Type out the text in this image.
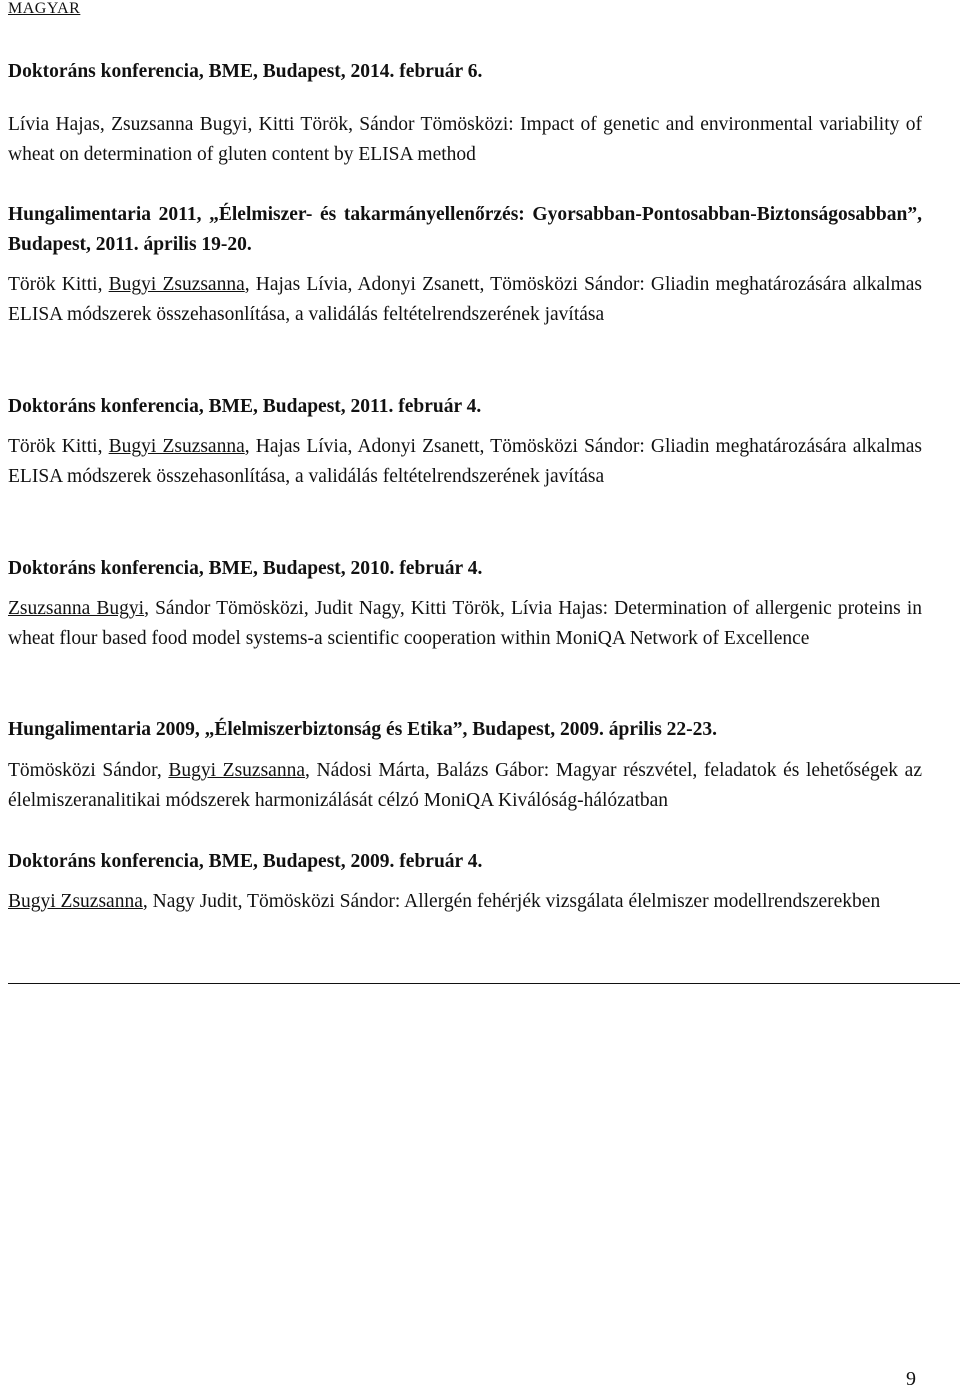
MAGYAR
Doktoráns konferencia, BME, Budapest, 2014. február 6.
Lívia Hajas, Zsuzsanna Bugyi, Kitti Török, Sándor Tömösközi: Impact of genetic and environmental variability of wheat on determination of gluten content by ELISA method
Hungalimentaria 2011, „Élelmiszer- és takarmányellenőrzés: Gyorsabban-Pontosabban-Biztonságosabban”, Budapest, 2011. április 19-20.
Török Kitti, Bugyi Zsuzsanna, Hajas Lívia, Adonyi Zsanett, Tömösközi Sándor: Gliadin meghatározására alkalmas ELISA módszerek összehasonlítása, a validálás feltételrendszerének javítása
Doktoráns konferencia, BME, Budapest, 2011. február 4.
Török Kitti, Bugyi Zsuzsanna, Hajas Lívia, Adonyi Zsanett, Tömösközi Sándor: Gliadin meghatározására alkalmas ELISA módszerek összehasonlítása, a validálás feltételrendszerének javítása
Doktoráns konferencia, BME, Budapest, 2010. február 4.
Zsuzsanna Bugyi, Sándor Tömösközi, Judit Nagy, Kitti Török, Lívia Hajas: Determination of allergenic proteins in wheat flour based food model systems-a scientific cooperation within MoniQA Network of Excellence
Hungalimentaria 2009, „Élelmiszerbiztonság és Etika”, Budapest, 2009. április 22-23.
Tömösközi Sándor, Bugyi Zsuzsanna, Nádosi Márta, Balázs Gábor: Magyar részvétel, feladatok és lehetőségek az élelmiszeranalitikai módszerek harmonizálását célzó MoniQA Kiválóság-hálózatban
Doktoráns konferencia, BME, Budapest, 2009. február 4.
Bugyi Zsuzsanna, Nagy Judit, Tömösközi Sándor: Allergén fehérjék vizsgálata élelmiszer modellrendszerekben
9
